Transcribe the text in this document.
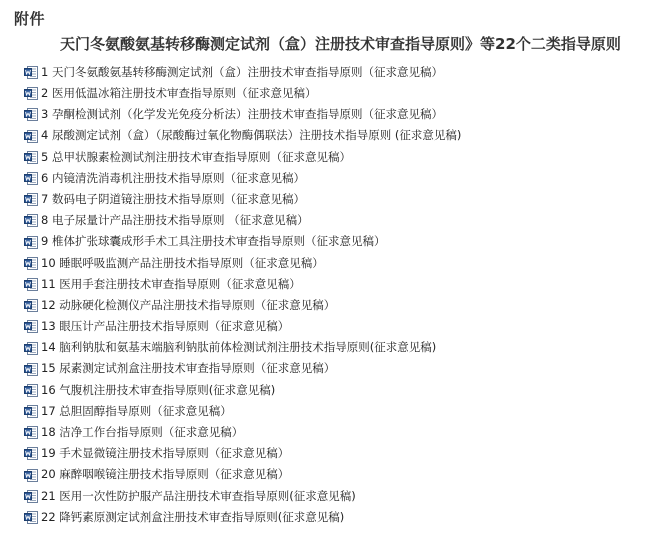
附件
天门冬氨酸氨基转移酶测定试剂（盒）注册技术审查指导原则》等22个二类指导原则
1 天门冬氨酸氨基转移酶测定试剂（盒）注册技术审查指导原则（征求意见稿）
2 医用低温冰箱注册技术审查指导原则（征求意见稿）
3 孕酮检测试剂（化学发光免疫分析法）注册技术审查指导原则（征求意见稿）
4 尿酸测定试剂（盒）（尿酸酶过氧化物酶偶联法）注册技术指导原则 (征求意见稿)
5 总甲状腺素检测试剂注册技术审查指导原则（征求意见稿）
6 内镜清洗消毒机注册技术指导原则（征求意见稿）
7 数码电子阴道镜注册技术指导原则（征求意见稿）
8 电子尿量计产品注册技术指导原则 （征求意见稿）
9 椎体扩张球囊成形手术工具注册技术审查指导原则（征求意见稿）
10 睡眠呼吸监测产品注册技术指导原则（征求意见稿）
11 医用手套注册技术审查指导原则（征求意见稿）
12 动脉硬化检测仪产品注册技术指导原则（征求意见稿）
13 眼压计产品注册技术指导原则（征求意见稿）
14 脑利钠肽和氨基末端脑利钠肽前体检测试剂注册技术指导原则(征求意见稿)
15 尿素测定试剂盒注册技术审查指导原则（征求意见稿）
16 气腹机注册技术审查指导原则(征求意见稿)
17 总胆固醇指导原则（征求意见稿）
18 洁净工作台指导原则（征求意见稿）
19 手术显微镜注册技术指导原则（征求意见稿）
20 麻醉咽喉镜注册技术指导原则（征求意见稿）
21 医用一次性防护服产品注册技术审查指导原则(征求意见稿)
22 降钙素原测定试剂盒注册技术审查指导原则(征求意见稿)
